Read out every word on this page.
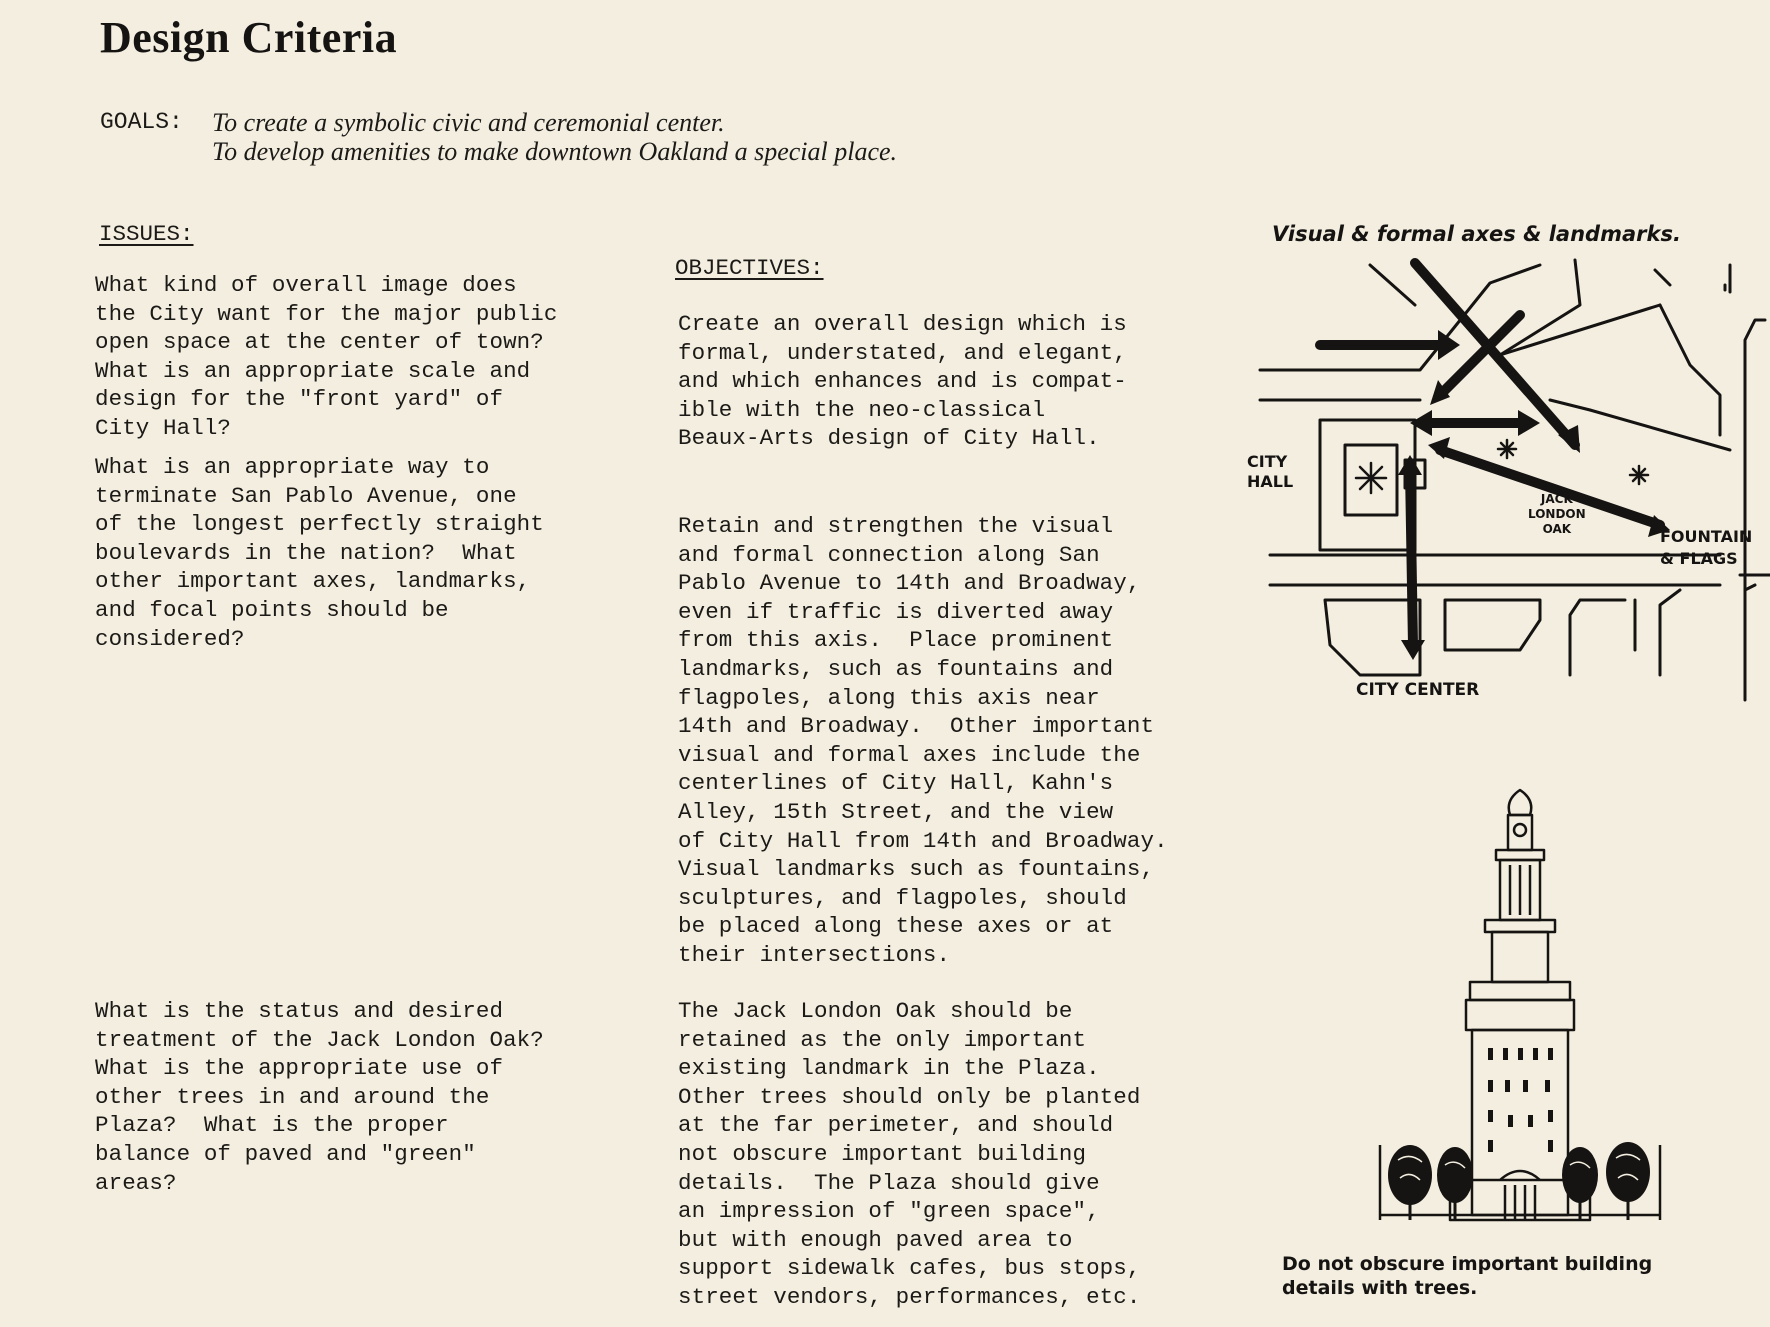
Design Criteria
GOALS:	To create a symbolic civic and ceremonial center.
To develop amenities to make downtown Oakland a special place.
ISSUES:
What kind of overall image does
the City want for the major public
open space at the center of town?
What is an appropriate scale and
design for the "front yard" of
City Hall?
What is an appropriate way to
terminate San Pablo Avenue, one
of the longest perfectly straight
boulevards in the nation?  What
other important axes, landmarks,
and focal points should be
considered?
What is the status and desired
treatment of the Jack London Oak?
What is the appropriate use of
other trees in and around the
Plaza?  What is the proper
balance of paved and "green"
areas?
OBJECTIVES:
Create an overall design which is
formal, understated, and elegant,
and which enhances and is compat-
ible with the neo-classical
Beaux-Arts design of City Hall.
Retain and strengthen the visual
and formal connection along San
Pablo Avenue to 14th and Broadway,
even if traffic is diverted away
from this axis.  Place prominent
landmarks, such as fountains and
flagpoles, along this axis near
14th and Broadway.  Other important
visual and formal axes include the
centerlines of City Hall, Kahn's
Alley, 15th Street, and the view
of City Hall from 14th and Broadway.
Visual landmarks such as fountains,
sculptures, and flagpoles, should
be placed along these axes or at
their intersections.
The Jack London Oak should be
retained as the only important
existing landmark in the Plaza.
Other trees should only be planted
at the far perimeter, and should
not obscure important building
details.  The Plaza should give
an impression of "green space",
but with enough paved area to
support sidewalk cafes, bus stops,
street vendors, performances, etc.
Visual & formal axes & landmarks.
CITY
HALL
JACK
LONDON
OAK	FOUNTAIN
& FLAGS
CITY CENTER
Do not obscure important building
details with trees.
